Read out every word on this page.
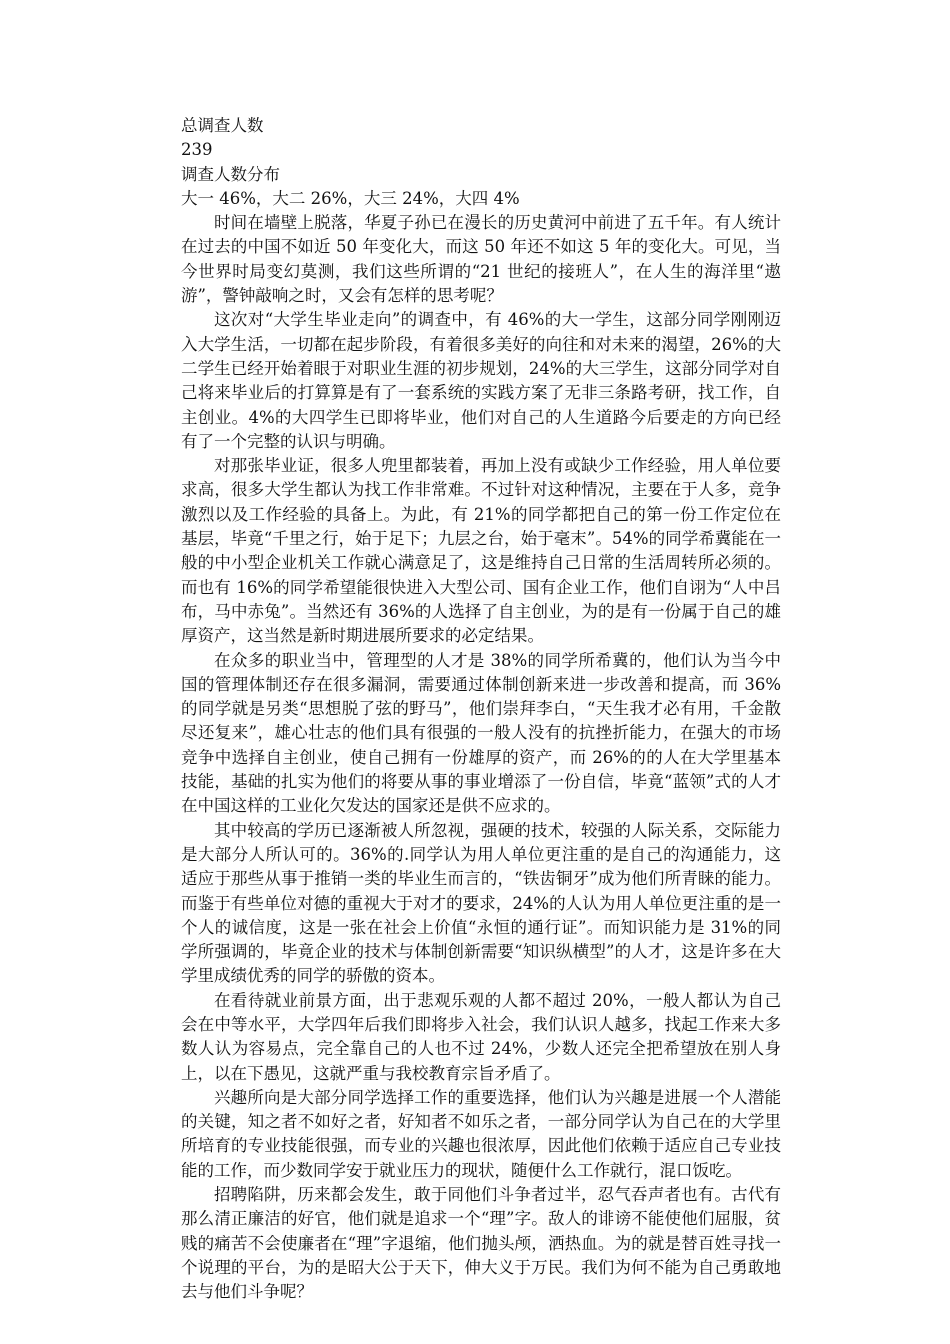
总调查人数
239
调查人数分布
大一 46%，大二 26%，大三 24%，大四 4%
时间在墙壁上脱落，华夏子孙已在漫长的历史黄河中前进了五千年。有人统计在过去的中国不如近 50 年变化大，而这 50 年还不如这 5 年的变化大。可见，当今世界时局变幻莫测，我们这些所谓的“21 世纪的接班人”，在人生的海洋里“遨游”，警钟敲响之时，又会有怎样的思考呢？
这次对“大学生毕业走向”的调查中，有 46%的大一学生，这部分同学刚刚迈入大学生活，一切都在起步阶段，有着很多美好的向往和对未来的渴望，26%的大二学生已经开始着眼于对职业生涯的初步规划，24%的大三学生，这部分同学对自己将来毕业后的打算算是有了一套系统的实践方案了无非三条路考研，找工作，自主创业。4%的大四学生已即将毕业，他们对自己的人生道路今后要走的方向已经有了一个完整的认识与明确。
对那张毕业证，很多人兜里都装着，再加上没有或缺少工作经验，用人单位要求高，很多大学生都认为找工作非常难。不过针对这种情况，主要在于人多，竞争激烈以及工作经验的具备上。为此，有 21%的同学都把自己的第一份工作定位在基层，毕竟“千里之行，始于足下；九层之台，始于毫末”。54%的同学希冀能在一般的中小型企业机关工作就心满意足了，这是维持自己日常的生活周转所必须的。而也有 16%的同学希望能很快进入大型公司、国有企业工作，他们自诩为“人中吕布，马中赤兔”。当然还有 36%的人选择了自主创业，为的是有一份属于自己的雄厚资产，这当然是新时期进展所要求的必定结果。
在众多的职业当中，管理型的人才是 38%的同学所希冀的，他们认为当今中国的管理体制还存在很多漏洞，需要通过体制创新来进一步改善和提高，而 36%的同学就是另类“思想脱了弦的野马”，他们崇拜李白，“天生我才必有用，千金散尽还复来”，雄心壮志的他们具有很强的一般人没有的抗挫折能力，在强大的市场竞争中选择自主创业，使自己拥有一份雄厚的资产，而 26%的的人在大学里基本技能，基础的扎实为他们的将要从事的事业增添了一份自信，毕竟“蓝领”式的人才在中国这样的工业化欠发达的国家还是供不应求的。
其中较高的学历已逐渐被人所忽视，强硬的技术，较强的人际关系，交际能力是大部分人所认可的。36%的.同学认为用人单位更注重的是自己的沟通能力，这适应于那些从事于推销一类的毕业生而言的，“铁齿铜牙”成为他们所青睐的能力。而鉴于有些单位对德的重视大于对才的要求，24%的人认为用人单位更注重的是一个人的诚信度，这是一张在社会上价值“永恒的通行证”。而知识能力是 31%的同学所强调的，毕竟企业的技术与体制创新需要“知识纵横型”的人才，这是许多在大学里成绩优秀的同学的骄傲的资本。
在看待就业前景方面，出于悲观乐观的人都不超过 20%，一般人都认为自己会在中等水平，大学四年后我们即将步入社会，我们认识人越多，找起工作来大多数人认为容易点，完全靠自己的人也不过 24%，少数人还完全把希望放在别人身上，以在下愚见，这就严重与我校教育宗旨矛盾了。
兴趣所向是大部分同学选择工作的重要选择，他们认为兴趣是进展一个人潜能的关键，知之者不如好之者，好知者不如乐之者，一部分同学认为自己在的大学里所培育的专业技能很强，而专业的兴趣也很浓厚，因此他们依赖于适应自己专业技能的工作，而少数同学安于就业压力的现状，随便什么工作就行，混口饭吃。
招聘陷阱，历来都会发生，敢于同他们斗争者过半，忍气吞声者也有。古代有那么清正廉洁的好官，他们就是追求一个“理”字。敌人的诽谤不能使他们屈服，贫贱的痛苦不会使廉者在“理”字退缩，他们抛头颅，洒热血。为的就是替百姓寻找一个说理的平台，为的是昭大公于天下，伸大义于万民。我们为何不能为自己勇敢地去与他们斗争呢？
